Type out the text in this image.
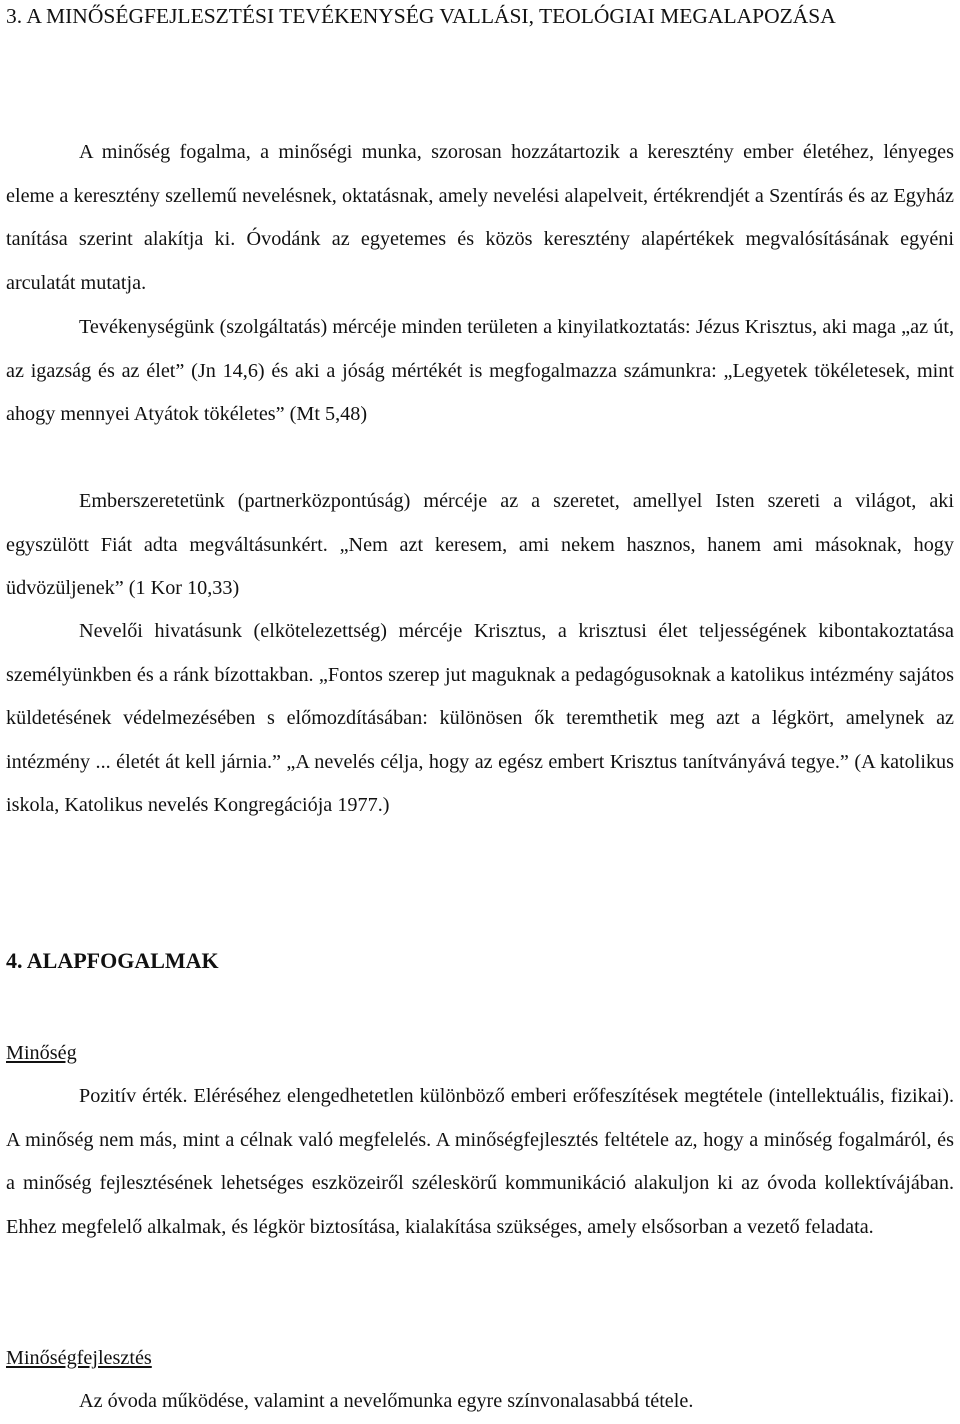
3. A MINŐSÉGFEJLESZTÉSI TEVÉKENYSÉG VALLÁSI, TEOLÓGIAI MEGALAPOZÁSA

A minőség fogalma, a minőségi munka, szorosan hozzátartozik a keresztény ember életéhez, lényeges eleme a keresztény szellemű nevelésnek, oktatásnak, amely nevelési alapelveit, értékrendjét a Szentírás és az Egyház tanítása szerint alakítja ki. Óvodánk az egyetemes és közös keresztény alapértékek megvalósításának egyéni arculatát mutatja.

Tevékenységünk (szolgáltatás) mércéje minden területen a kinyilatkoztatás: Jézus Krisztus, aki maga „az út, az igazság és az élet” (Jn 14,6) és aki a jóság mértékét is megfogalmazza számunkra: „Legyetek tökéletesek, mint ahogy mennyei Atyátok tökéletes” (Mt 5,48)

Emberszeretetünk (partnerközpontúság) mércéje az a szeretet, amellyel Isten szereti a világot, aki egyszülött Fiát adta megváltásunkért. „Nem azt keresem, ami nekem hasznos, hanem ami másoknak, hogy üdvözüljenek” (1 Kor 10,33)

Nevelői hivatásunk (elkötelezettség) mércéje Krisztus, a krisztusi élet teljességének kibontakoztatása személyünkben és a ránk bízottakban. „Fontos szerep jut maguknak a pedagógusoknak a katolikus intézmény sajátos küldetésének védelmezésében s előmozdításában: különösen ők teremthetik meg azt a légkört, amelynek az intézmény ... életét át kell járnia.” „A nevelés célja, hogy az egész embert Krisztus tanítványává tegye.” (A katolikus iskola, Katolikus nevelés Kongregációja 1977.)

4. ALAPFOGALMAK

Minőség

Pozitív érték. Eléréséhez elengedhetetlen különböző emberi erőfeszítések megtétele (intellektuális, fizikai). A minőség nem más, mint a célnak való megfelelés. A minőségfejlesztés feltétele az, hogy a minőség fogalmáról, és a minőség fejlesztésének lehetséges eszközeiről széleskörű kommunikáció alakuljon ki az óvoda kollektívájában. Ehhez megfelelő alkalmak, és légkör biztosítása, kialakítása szükséges, amely elsősorban a vezető feladata.

Minőségfejlesztés

Az óvoda működése, valamint a nevelőmunka egyre színvonalasabbá tétele.
